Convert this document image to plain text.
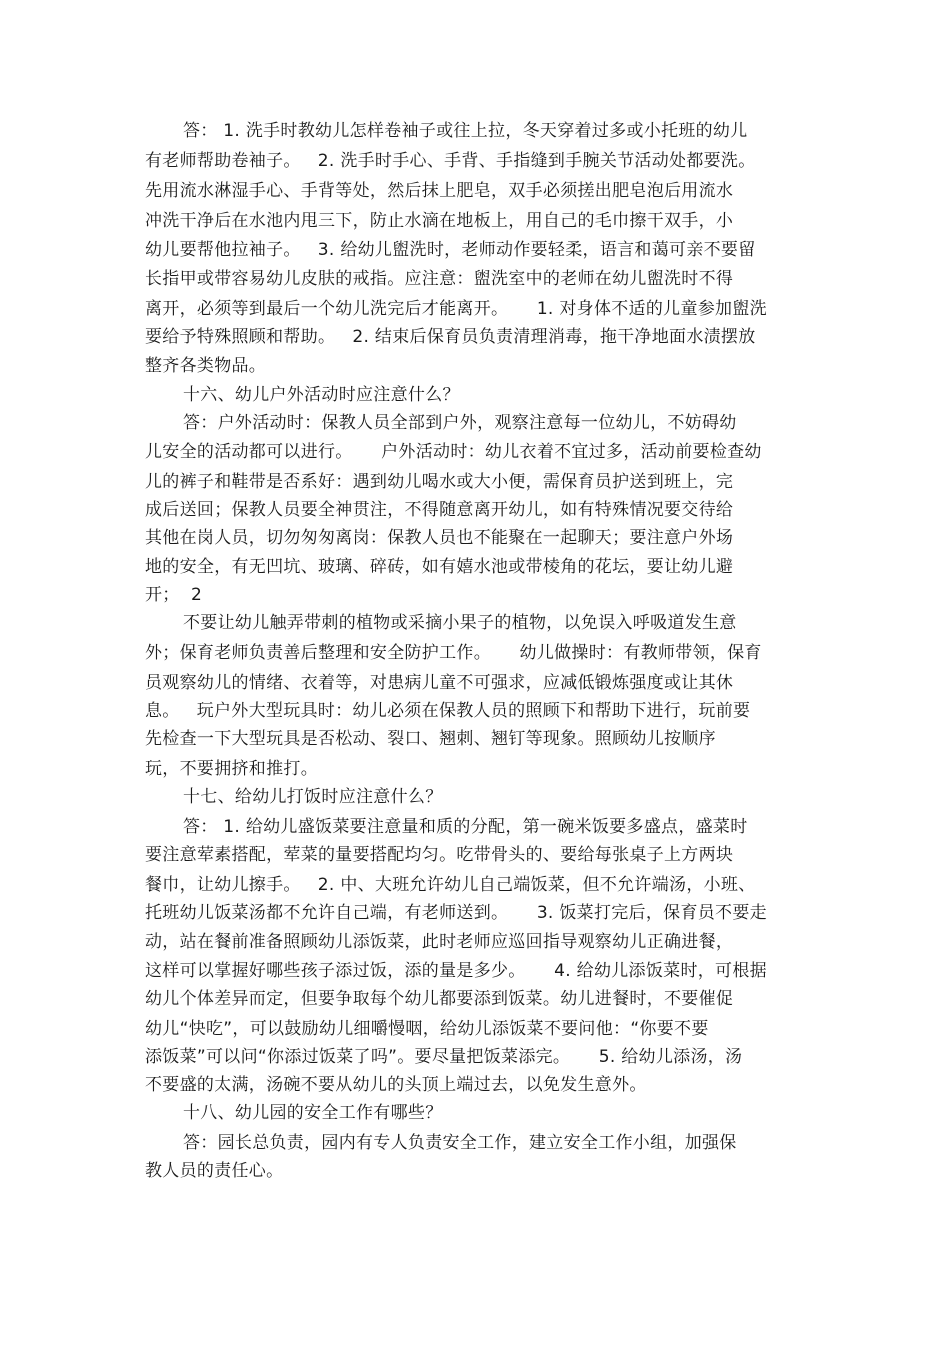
答： 1. 洗手时教幼儿怎样卷袖子或往上拉，冬天穿着过多或小托班的幼儿
有老师帮助卷袖子。   2. 洗手时手心、手背、手指缝到手腕关节活动处都要洗。
先用流水淋湿手心、手背等处，然后抹上肥皂，双手必须搓出肥皂泡后用流水
冲洗干净后在水池内甩三下，防止水滴在地板上，用自己的毛巾擦干双手，小
幼儿要帮他拉袖子。   3. 给幼儿盥洗时，老师动作要轻柔，语言和蔼可亲不要留
长指甲或带容易幼儿皮肤的戒指。应注意：盥洗室中的老师在幼儿盥洗时不得
离开，必须等到最后一个幼儿洗完后才能离开。     1. 对身体不适的儿童参加盥洗
要给予特殊照顾和帮助。   2. 结束后保育员负责清理消毒，拖干净地面水渍摆放
整齐各类物品。
十六、幼儿户外活动时应注意什么？
答：户外活动时：保教人员全部到户外，观察注意每一位幼儿，不妨碍幼
儿安全的活动都可以进行。     户外活动时：幼儿衣着不宜过多，活动前要检查幼
儿的裤子和鞋带是否系好：遇到幼儿喝水或大小便，需保育员护送到班上，完
成后送回；保教人员要全神贯注，不得随意离开幼儿，如有特殊情况要交待给
其他在岗人员，切勿匆匆离岗：保教人员也不能聚在一起聊天；要注意户外场
地的安全，有无凹坑、玻璃、碎砖，如有嬉水池或带棱角的花坛，要让幼儿避
开；  2
不要让幼儿触弄带刺的植物或采摘小果子的植物，以免误入呼吸道发生意
外；保育老师负责善后整理和安全防护工作。     幼儿做操时：有教师带领，保育
员观察幼儿的情绪、衣着等，对患病儿童不可强求，应减低锻炼强度或让其休
息。   玩户外大型玩具时：幼儿必须在保教人员的照顾下和帮助下进行，玩前要
先检查一下大型玩具是否松动、裂口、翘刺、翘钉等现象。照顾幼儿按顺序
玩，不要拥挤和推打。
十七、给幼儿打饭时应注意什么？
答： 1. 给幼儿盛饭菜要注意量和质的分配，第一碗米饭要多盛点，盛菜时
要注意荤素搭配，荤菜的量要搭配均匀。吃带骨头的、要给每张桌子上方两块
餐巾，让幼儿擦手。   2. 中、大班允许幼儿自己端饭菜，但不允许端汤，小班、
托班幼儿饭菜汤都不允许自己端，有老师送到。     3. 饭菜打完后，保育员不要走
动，站在餐前准备照顾幼儿添饭菜，此时老师应巡回指导观察幼儿正确进餐，
这样可以掌握好哪些孩子添过饭，添的量是多少。     4. 给幼儿添饭菜时，可根据
幼儿个体差异而定，但要争取每个幼儿都要添到饭菜。幼儿进餐时，不要催促
幼儿“快吃”，可以鼓励幼儿细嚼慢咽，给幼儿添饭菜不要问他：“你要不要
添饭菜”可以问“你添过饭菜了吗”。要尽量把饭菜添完。     5. 给幼儿添汤，汤
不要盛的太满，汤碗不要从幼儿的头顶上端过去，以免发生意外。
十八、幼儿园的安全工作有哪些？
答：园长总负责，园内有专人负责安全工作，建立安全工作小组，加强保
教人员的责任心。
